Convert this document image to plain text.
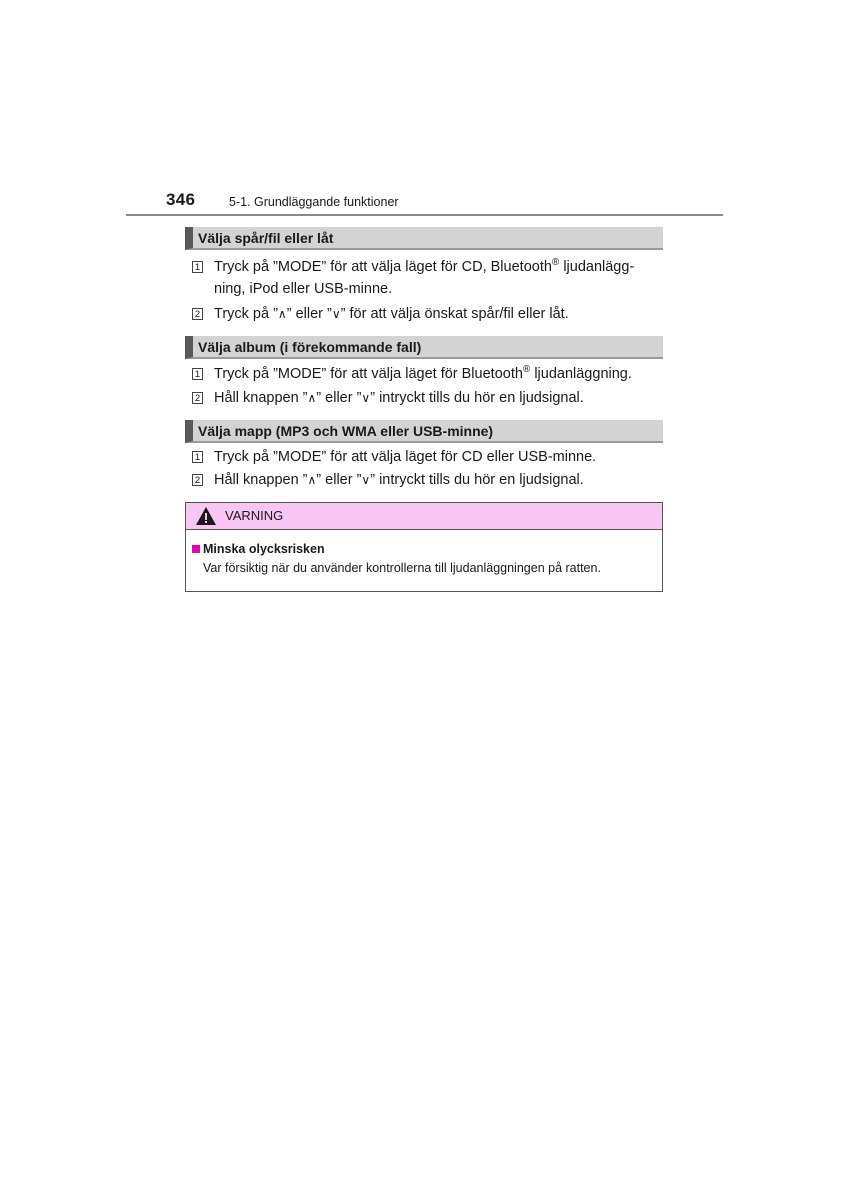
346	5-1. Grundläggande funktioner
Välja spår/fil eller låt
1 Tryck på ”MODE” för att välja läget för CD, Bluetooth® ljudanlägg-ning, iPod eller USB-minne.
2 Tryck på ”∧” eller ”∨” för att välja önskat spår/fil eller låt.
Välja album (i förekommande fall)
1 Tryck på ”MODE” för att välja läget för Bluetooth® ljudanläggning.
2 Håll knappen ”∧” eller ”∨” intryckt tills du hör en ljudsignal.
Välja mapp (MP3 och WMA eller USB-minne)
1 Tryck på ”MODE” för att välja läget för CD eller USB-minne.
2 Håll knappen ”∧” eller ”∨” intryckt tills du hör en ljudsignal.
VARNING
Minska olycksrisken
Var försiktig när du använder kontrollerna till ljudanläggningen på ratten.
